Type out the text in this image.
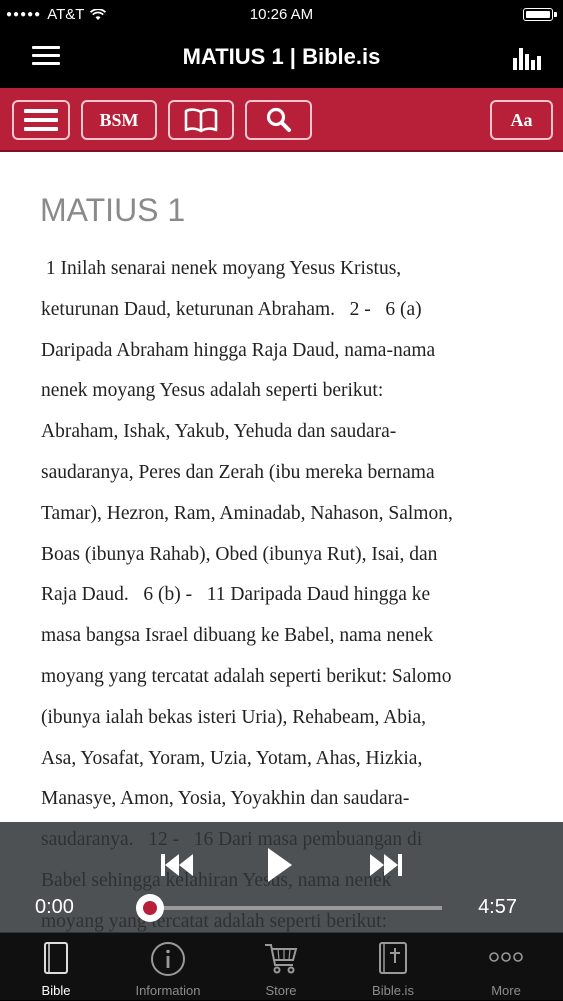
●●●●● AT&T	10:26 AM
MATIUS 1 | Bible.is
BSM	Aa
MATIUS 1
1 Inilah senarai nenek moyang Yesus Kristus,
keturunan Daud, keturunan Abraham.   2 -   6 (a)
Daripada Abraham hingga Raja Daud, nama-nama
nenek moyang Yesus adalah seperti berikut:
Abraham, Ishak, Yakub, Yehuda dan saudara-
saudaranya, Peres dan Zerah (ibu mereka bernama
Tamar), Hezron, Ram, Aminadab, Nahason, Salmon,
Boas (ibunya Rahab), Obed (ibunya Rut), Isai, dan
Raja Daud.   6 (b) -   11 Daripada Daud hingga ke
masa bangsa Israel dibuang ke Babel, nama nenek
moyang yang tercatat adalah seperti berikut: Salomo
(ibunya ialah bekas isteri Uria), Rehabeam, Abia,
Asa, Yosafat, Yoram, Uzia, Yotam, Ahas, Hizkia,
Manasye, Amon, Yosia, Yoyakhin dan saudara-
0:00	4:57
Bible	Information	Store	Bible.is	More
